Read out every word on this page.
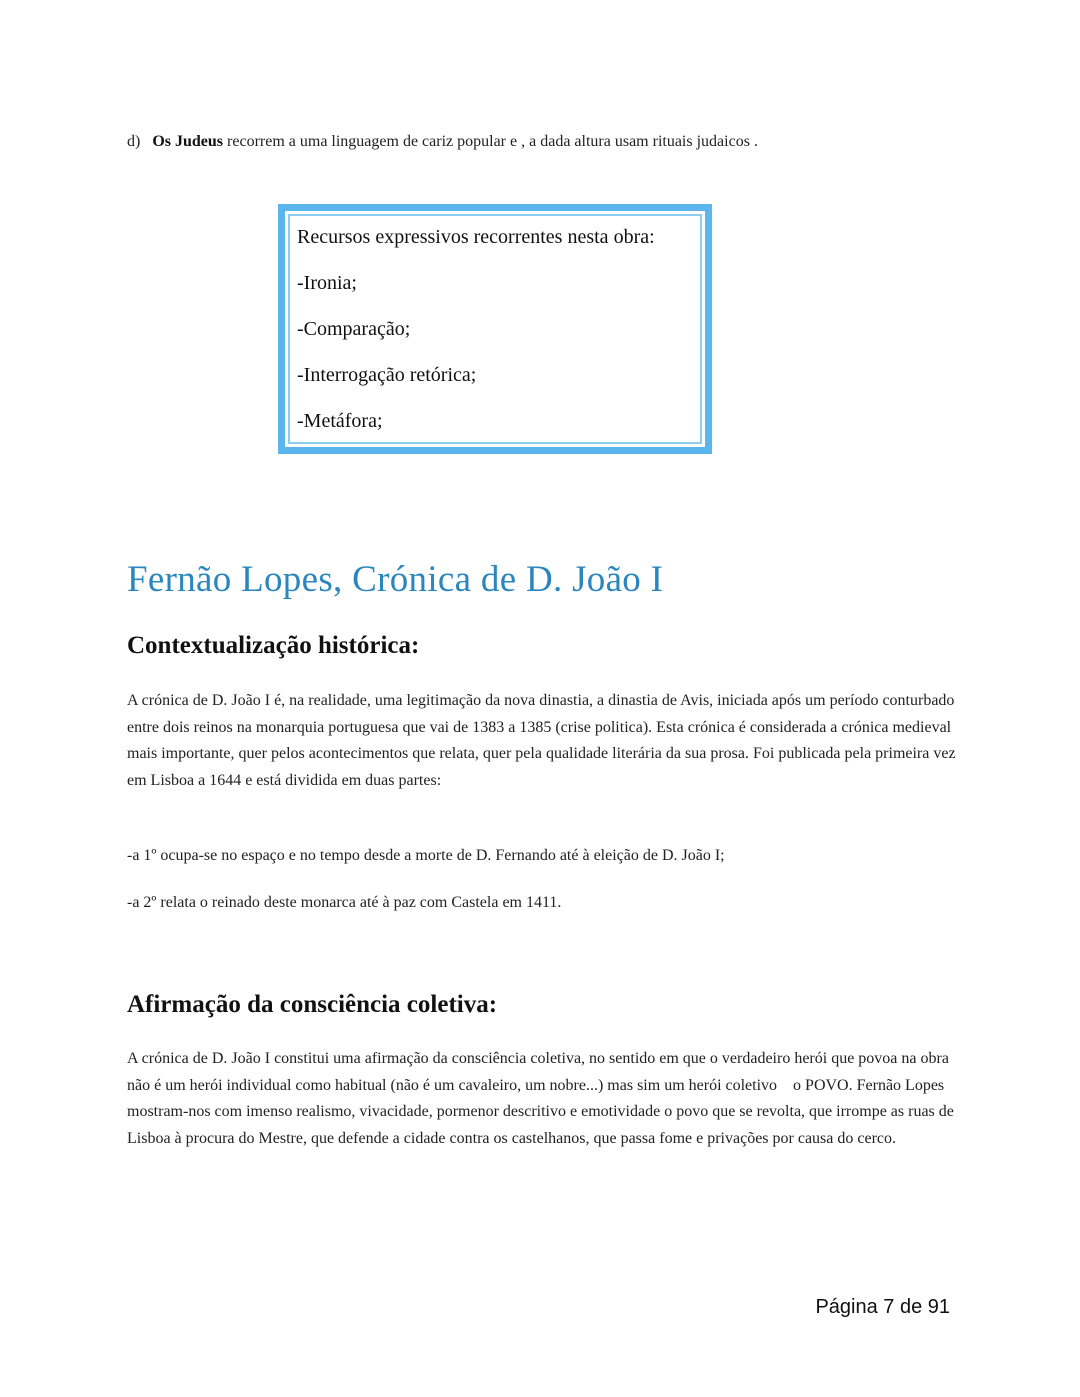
d) Os Judeus recorrem a uma linguagem de cariz popular e , a dada altura usam rituais judaicos .

Recursos expressivos recorrentes nesta obra:

-Ironia;

-Comparação;

-Interrogação retórica;

-Metáfora;

Fernão Lopes, Crónica de D. João I
Contextualização histórica:

A crónica de D. João I é, na realidade, uma legitimação da nova dinastia, a dinastia de Avis, iniciada após um período conturbado entre dois reinos na monarquia portuguesa que vai de 1383 a 1385 (crise politica). Esta crónica é considerada a crónica medieval mais importante, quer pelos acontecimentos que relata, quer pela qualidade literária da sua prosa. Foi publicada pela primeira vez em Lisboa a 1644 e está dividida em duas partes:

-a 1º ocupa-se no espaço e no tempo desde a morte de D. Fernando até à eleição de D. João I;

-a 2º relata o reinado deste monarca até à paz com Castela em 1411.

Afirmação da consciência coletiva:

A crónica de D. João I constitui uma afirmação da consciência coletiva, no sentido em que o verdadeiro herói que povoa na obra não é um herói individual como habitual (não é um cavaleiro, um nobre...) mas sim um herói coletivo    o POVO. Fernão Lopes mostram-nos com imenso realismo, vivacidade, pormenor descritivo e emotividade o povo que se revolta, que irrompe as ruas de Lisboa à procura do Mestre, que defende a cidade contra os castelhanos, que passa fome e privações por causa do cerco.

Página 7 de 91
